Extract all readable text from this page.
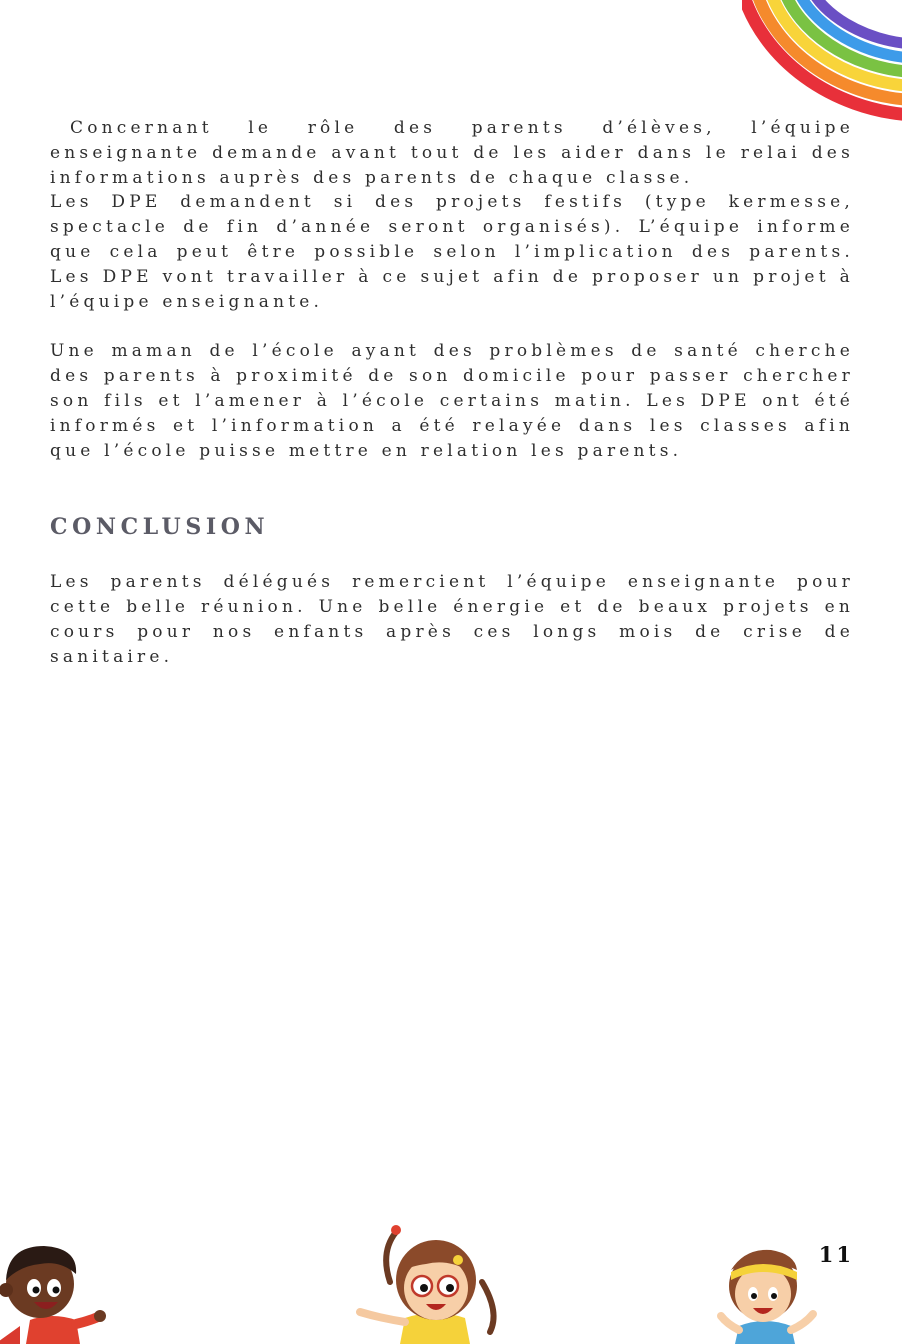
Concernant le rôle des parents d’élèves, l’équipe enseignante demande avant tout de les aider dans le relai des informations auprès des parents de chaque classe.

Les DPE demandent si des projets festifs (type kermesse, spectacle de fin d’année seront organisés). L’équipe informe que cela peut être possible selon l’implication des parents. Les DPE vont travailler à ce sujet afin de proposer un projet à l’équipe enseignante.

Une maman de l’école ayant des problèmes de santé cherche des parents à proximité de son domicile pour passer chercher son fils et l’amener à l’école certains matin. Les DPE ont été informés et l’information a été relayée dans les classes afin que l’école puisse mettre en relation les parents.

CONCLUSION

Les parents délégués remercient l’équipe enseignante pour cette belle réunion. Une belle énergie et de beaux projets en cours pour nos enfants après ces longs mois de crise de sanitaire.

11
